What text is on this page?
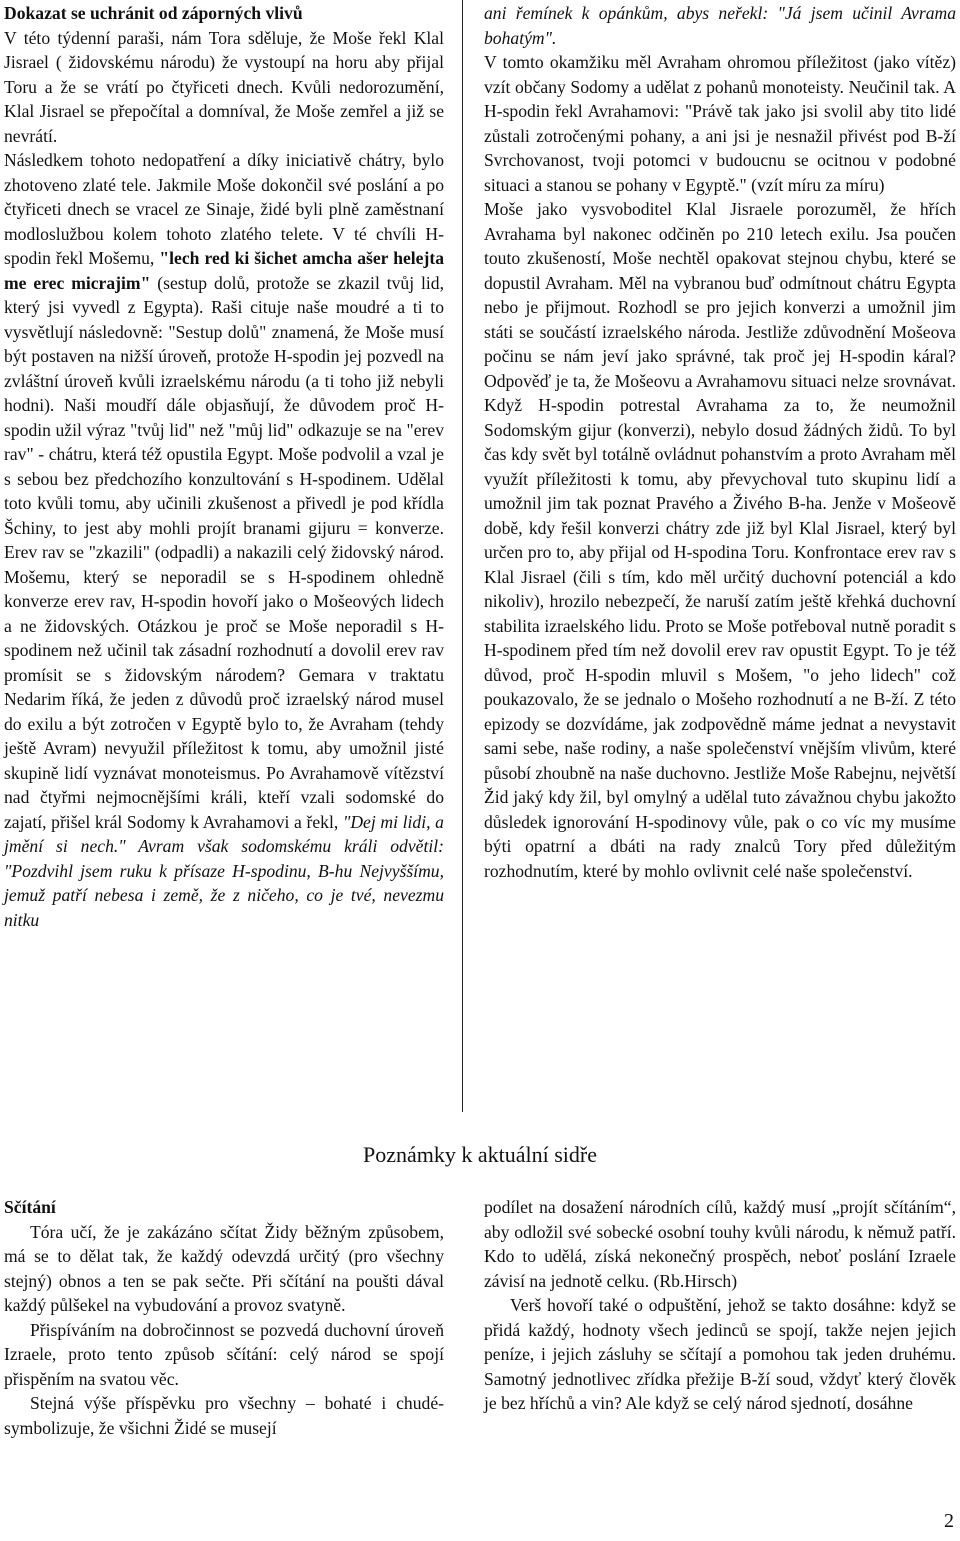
Dokazat se uchránit od záporných vlivů

V této týdenní paraši, nám Tora sděluje, že Moše řekl Klal Jisrael ( židovskému národu) že vystoupí na horu aby přijal Toru a že se vrátí po čtyřiceti dnech. Kvůli nedorozumění, Klal Jisrael se přepočítal a domníval, že Moše zemřel a již se nevrátí.

Následkem tohoto nedopatření a díky iniciativě chátry, bylo zhotoveno zlaté tele. Jakmile Moše dokončil své poslání a po čtyřiceti dnech se vracel ze Sinaje, židé byli plně zaměstnaní modloslužbou kolem tohoto zlatého telete. V té chvíli H-spodin řekl Mošemu, "lech red ki šichet amcha ašer helejta me erec micrajim" (sestup dolů, protože se zkazil tvůj lid, který jsi vyvedl z Egypta). Raši cituje naše moudré a ti to vysvětlují následovně: "Sestup dolů" znamená, že Moše musí být postaven na nižší úroveň, protože H-spodin jej pozvedl na zvláštní úroveň kvůli izraelskému národu (a ti toho již nebyli hodni). Naši moudří dále objasňují, že důvodem proč H-spodin užil výraz "tvůj lid" než "můj lid" odkazuje se na "erev rav" - chátru, která též opustila Egypt. Moše podvolil a vzal je s sebou bez předchozího konzultování s H-spodinem. Udělal toto kvůli tomu, aby učinili zkušenost a přivedl je pod křídla Šchiny, to jest aby mohli projít branami gijuru = konverze. Erev rav se "zkazili" (odpadli) a nakazili celý židovský národ. Mošemu, který se neporadil se s H-spodinem ohledně konverze erev rav, H-spodin hovoří jako o Mošeových lidech a ne židovských. Otázkou je proč se Moše neporadil s H-spodinem než učinil tak zásadní rozhodnutí a dovolil erev rav promísit se s židovským národem? Gemara v traktatu Nedarim říká, že jeden z důvodů proč izraelský národ musel do exilu a být zotročen v Egyptě bylo to, že Avraham (tehdy ještě Avram) nevyužil příležitost k tomu, aby umožnil jisté skupině lidí vyznávat monoteismus. Po Avrahamově vítězství nad čtyřmi nejmocnějšími králi, kteří vzali sodomské do zajatí, přišel král Sodomy k Avrahamovi a řekl, "Dej mi lidi, a jmění si nech." Avram však sodomskému králi odvětil: "Pozdvihl jsem ruku k přísaze H-spodinu, B-hu Nejvyššímu, jemuž patří nebesa i země, že z ničeho, co je tvé, nevezmu nitku

ani řemínek k opánkům, abys neřekl: "Já jsem učinil Avrama bohatým".

V tomto okamžiku měl Avraham ohromou příležitost (jako vítěz) vzít občany Sodomy a udělat z pohanů monoteisty. Neučinil tak. A H-spodin řekl Avrahamovi: "Právě tak jako jsi svolil aby tito lidé zůstali zotročenými pohany, a ani jsi je nesnažil přivést pod B-ží Svrchovanost, tvoji potomci v budoucnu se ocitnou v podobné situaci a stanou se pohany v Egyptě." (vzít míru za míru)

Moše jako vysvoboditel Klal Jisraele porozuměl, že hřích Avrahama byl nakonec odčiněn po 210 letech exilu. Jsa poučen touto zkušeností, Moše nechtěl opakovat stejnou chybu, které se dopustil Avraham. Měl na vybranou buď odmítnout chátru Egypta nebo je přijmout. Rozhodl se pro jejich konverzi a umožnil jim státi se součástí izraelského národa. Jestliže zdůvodnění Mošeova počinu se nám jeví jako správné, tak proč jej H-spodin káral? Odpověď je ta, že Mošeovu a Avrahamovu situaci nelze srovnávat. Když H-spodin potrestal Avrahama za to, že neumožnil Sodomským gijur (konverzi), nebylo dosud žádných židů. To byl čas kdy svět byl totálně ovládnut pohanstvím a proto Avraham měl využít příležitosti k tomu, aby převychoval tuto skupinu lidí a umožnil jim tak poznat Pravého a Živého B-ha. Jenže v Mošeově době, kdy řešil konverzi chátry zde již byl Klal Jisrael, který byl určen pro to, aby přijal od H-spodina Toru. Konfrontace erev rav s Klal Jisrael (čili s tím, kdo měl určitý duchovní potenciál a kdo nikoliv), hrozilo nebezpečí, že naruší zatím ještě křehká duchovní stabilita izraelského lidu. Proto se Moše potřeboval nutně poradit s H-spodinem před tím než dovolil erev rav opustit Egypt. To je též důvod, proč H-spodin mluvil s Mošem, "o jeho lidech" což poukazovalo, že se jednalo o Mošeho rozhodnutí a ne B-ží. Z této epizody se dozvídáme, jak zodpovědně máme jednat a nevystavit sami sebe, naše rodiny, a naše společenství vnějším vlivům, které působí zhoubně na naše duchovno. Jestliže Moše Rabejnu, největší Žid jaký kdy žil, byl omylný a udělal tuto závažnou chybu jakožto důsledek ignorování H-spodinovy vůle, pak o co víc my musíme býti opatrní a dbáti na rady znalců Tory před důležitým rozhodnutím, které by mohlo ovlivnit celé naše společenství.

Poznámky k aktuální sidře

Sčítání

Tóra učí, že je zakázáno sčítat Židy běžným způsobem, má se to dělat tak, že každý odevzdá určitý (pro všechny stejný) obnos a ten se pak sečte. Při sčítání na poušti dával každý půlšekel na vybudování a provoz svatyně.

Přispíváním na dobročinnost se pozvedá duchovní úroveň Izraele, proto tento způsob sčítání: celý národ se spojí přispěním na svatou věc.

Stejná výše příspěvku pro všechny – bohaté i chudé- symbolizuje, že všichni Židé se musejí

podílet na dosažení národních cílů, každý musí „projít sčítáním“, aby odložil své sobecké osobní touhy kvůli národu, k němuž patří. Kdo to udělá, získá nekonečný prospěch, neboť poslání Izraele závisí na jednotě celku. (Rb.Hirsch)

Verš hovoří také o odpuštění, jehož se takto dosáhne: když se přidá každý, hodnoty všech jedinců se spojí, takže nejen jejich peníze, i jejich zásluhy se sčítají a pomohou tak jeden druhému. Samotný jednotlivec zřídka přežije B-ží soud, vždyť který člověk je bez hříchů a vin? Ale když se celý národ sjednotí, dosáhne

2
